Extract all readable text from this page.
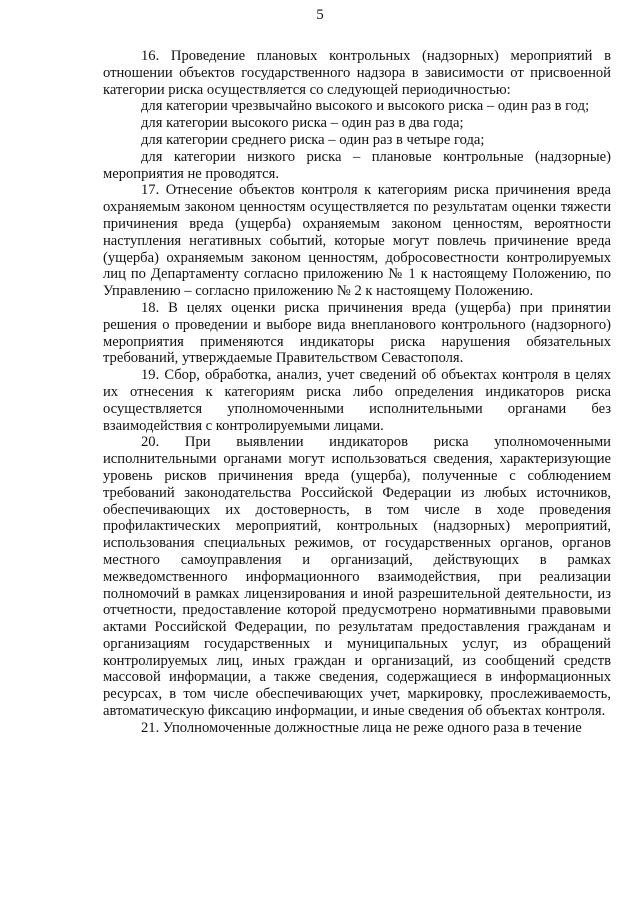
5

16. Проведение плановых контрольных (надзорных) мероприятий в отношении объектов государственного надзора в зависимости от присвоенной категории риска осуществляется со следующей периодичностью:

для категории чрезвычайно высокого и высокого риска – один раз в год;

для категории высокого риска – один раз в два года;

для категории среднего риска – один раз в четыре года;

для категории низкого риска – плановые контрольные (надзорные) мероприятия не проводятся.

17. Отнесение объектов контроля к категориям риска причинения вреда охраняемым законом ценностям осуществляется по результатам оценки тяжести причинения вреда (ущерба) охраняемым законом ценностям, вероятности наступления негативных событий, которые могут повлечь причинение вреда (ущерба) охраняемым законом ценностям, добросовестности контролируемых лиц по Департаменту согласно приложению № 1 к настоящему Положению, по Управлению – согласно приложению № 2 к настоящему Положению.

18. В целях оценки риска причинения вреда (ущерба) при принятии решения о проведении и выборе вида внепланового контрольного (надзорного) мероприятия применяются индикаторы риска нарушения обязательных требований, утверждаемые Правительством Севастополя.

19. Сбор, обработка, анализ, учет сведений об объектах контроля в целях их отнесения к категориям риска либо определения индикаторов риска осуществляется уполномоченными исполнительными органами без взаимодействия с контролируемыми лицами.

20. При выявлении индикаторов риска уполномоченными исполнительными органами могут использоваться сведения, характеризующие уровень рисков причинения вреда (ущерба), полученные с соблюдением требований законодательства Российской Федерации из любых источников, обеспечивающих их достоверность, в том числе в ходе проведения профилактических мероприятий, контрольных (надзорных) мероприятий, использования специальных режимов, от государственных органов, органов местного самоуправления и организаций, действующих в рамках межведомственного информационного взаимодействия, при реализации полномочий в рамках лицензирования и иной разрешительной деятельности, из отчетности, предоставление которой предусмотрено нормативными правовыми актами Российской Федерации, по результатам предоставления гражданам и организациям государственных и муниципальных услуг, из обращений контролируемых лиц, иных граждан и организаций, из сообщений средств массовой информации, а также сведения, содержащиеся в информационных ресурсах, в том числе обеспечивающих учет, маркировку, прослеживаемость, автоматическую фиксацию информации, и иные сведения об объектах контроля.

21. Уполномоченные должностные лица не реже одного раза в течение
